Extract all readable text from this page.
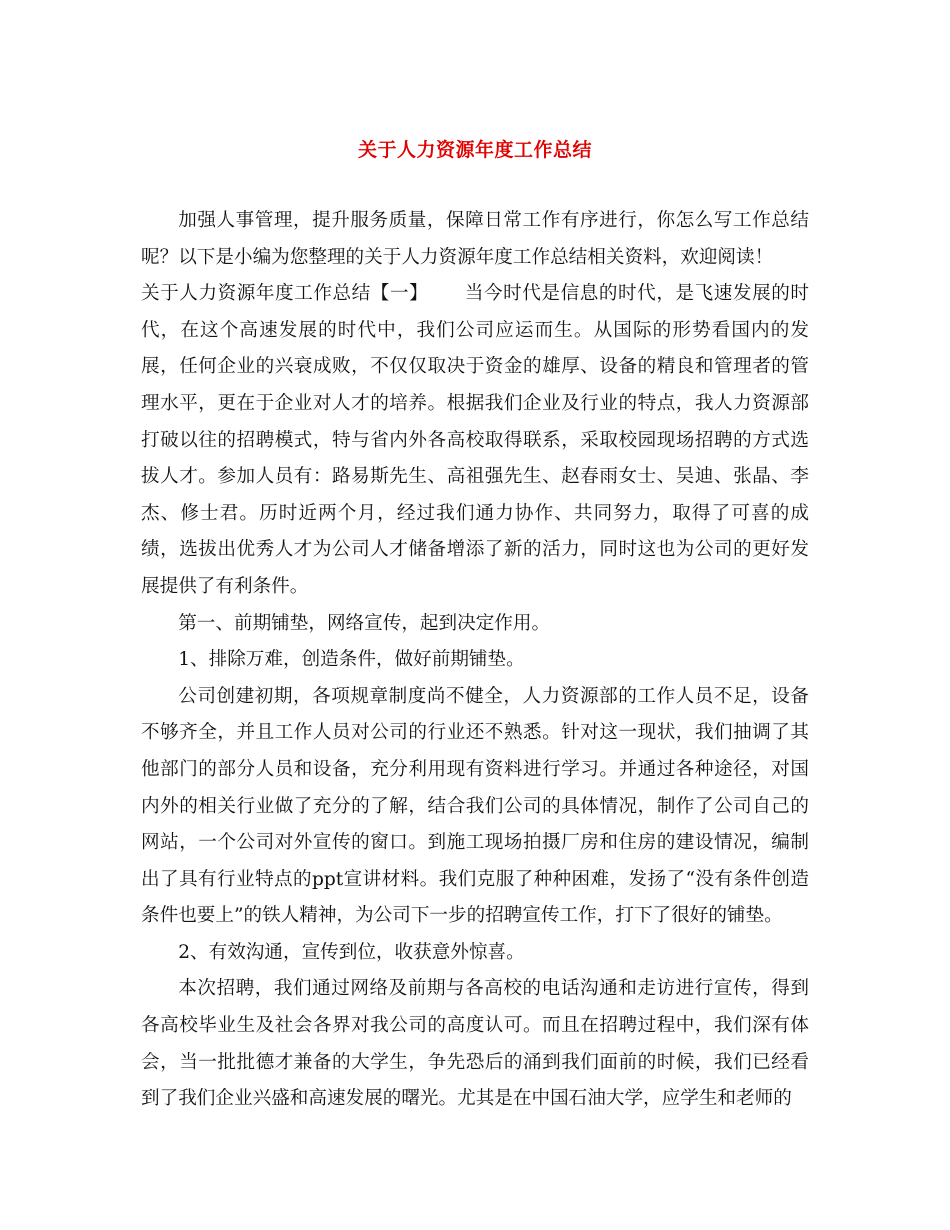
关于人力资源年度工作总结

加强人事管理，提升服务质量，保障日常工作有序进行，你怎么写工作总结呢？以下是小编为您整理的关于人力资源年度工作总结相关资料，欢迎阅读！

关于人力资源年度工作总结【一】 当今时代是信息的时代，是飞速发展的时代，在这个高速发展的时代中，我们公司应运而生。从国际的形势看国内的发展，任何企业的兴衰成败，不仅仅取决于资金的雄厚、设备的精良和管理者的管理水平，更在于企业对人才的培养。根据我们企业及行业的特点，我人力资源部打破以往的招聘模式，特与省内外各高校取得联系，采取校园现场招聘的方式选拔人才。参加人员有：路易斯先生、高祖强先生、赵春雨女士、吴迪、张晶、李杰、修士君。历时近两个月，经过我们通力协作、共同努力，取得了可喜的成绩，选拔出优秀人才为公司人才储备增添了新的活力，同时这也为公司的更好发展提供了有利条件。

第一、前期铺垫，网络宣传，起到决定作用。

1、排除万难，创造条件，做好前期铺垫。

公司创建初期，各项规章制度尚不健全，人力资源部的工作人员不足，设备不够齐全，并且工作人员对公司的行业还不熟悉。针对这一现状，我们抽调了其他部门的部分人员和设备，充分利用现有资料进行学习。并通过各种途径，对国内外的相关行业做了充分的了解，结合我们公司的具体情况，制作了公司自己的网站，一个公司对外宣传的窗口。到施工现场拍摄厂房和住房的建设情况，编制出了具有行业特点的ppt宣讲材料。我们克服了种种困难，发扬了“没有条件创造条件也要上”的铁人精神，为公司下一步的招聘宣传工作，打下了很好的铺垫。

2、有效沟通，宣传到位，收获意外惊喜。

本次招聘，我们通过网络及前期与各高校的电话沟通和走访进行宣传，得到各高校毕业生及社会各界对我公司的高度认可。而且在招聘过程中，我们深有体会，当一批批德才兼备的大学生，争先恐后的涌到我们面前的时候，我们已经看到了我们企业兴盛和高速发展的曙光。尤其是在中国石油大学，应学生和老师的
